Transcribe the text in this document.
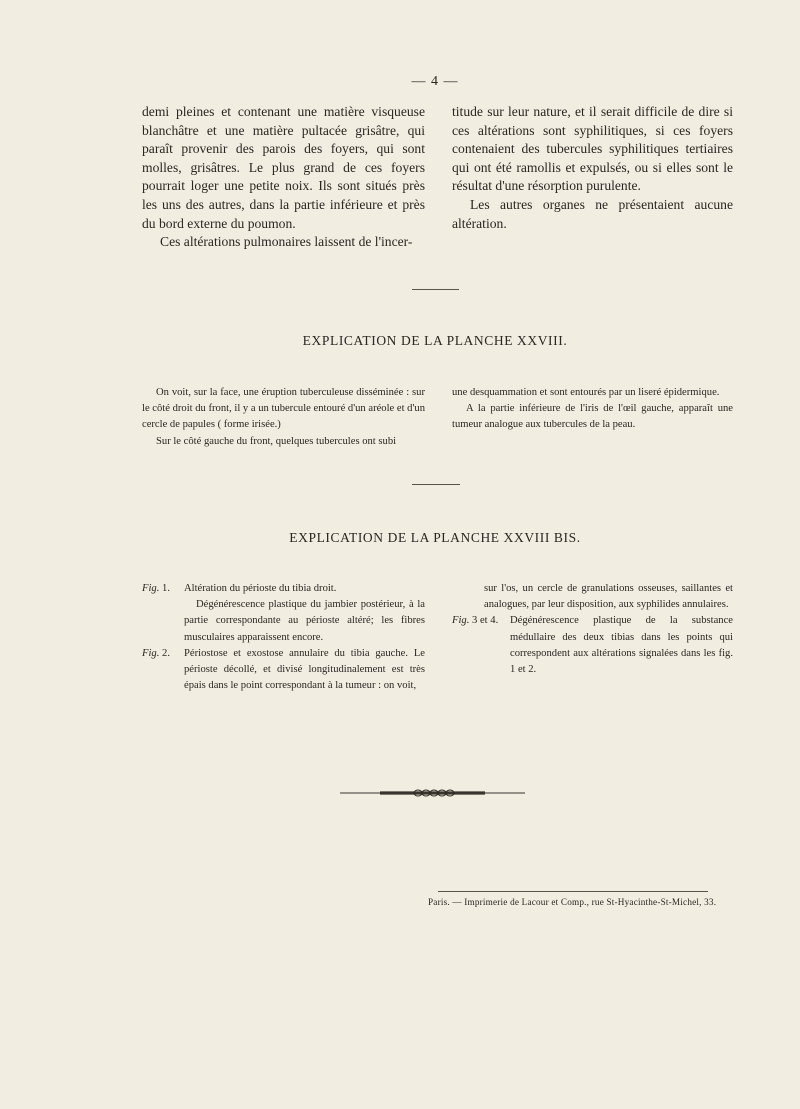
— 4 —

demi pleines et contenant une matière visqueuse blanchâtre et une matière pultacée grisâtre, qui paraît provenir des parois des foyers, qui sont molles, grisâtres. Le plus grand de ces foyers pourrait loger une petite noix. Ils sont situés près les uns des autres, dans la partie inférieure et près du bord externe du poumon.

Ces altérations pulmonaires laissent de l'incer-

titude sur leur nature, et il serait difficile de dire si ces altérations sont syphilitiques, si ces foyers contenaient des tubercules syphilitiques tertiaires qui ont été ramollis et expulsés, ou si elles sont le résultat d'une résorption purulente.

Les autres organes ne présentaient aucune altération.

EXPLICATION DE LA PLANCHE XXVIII.

On voit, sur la face, une éruption tuberculeuse disséminée : sur le côté droit du front, il y a un tubercule entouré d'un aréole et d'un cercle de papules ( forme irisée.)

Sur le côté gauche du front, quelques tubercules ont subi

une desquammation et sont entourés par un liseré épidermique.

A la partie inférieure de l'iris de l'œil gauche, apparaît une tumeur analogue aux tubercules de la peau.

EXPLICATION DE LA PLANCHE XXVIII BIS.
Fig. 1. Altération du périoste du tibia droit.

Dégénérescence plastique du jambier postérieur, à la partie correspondante au périoste altéré; les fibres musculaires apparaissent encore.

Fig. 2. Périostose et exostose annulaire du tibia gauche. Le périoste décollé, et divisé longitudinalement est très épais dans le point correspondant à la tumeur : on voit,

sur l'os, un cercle de granulations osseuses, saillantes et analogues, par leur disposition, aux syphilides annulaires.

Fig. 3 et 4. Dégénérescence plastique de la substance médullaire des deux tibias dans les points qui correspondent aux altérations signalées dans les fig. 1 et 2.

Paris. — Imprimerie de Lacour et Comp., rue St-Hyacinthe-St-Michel, 33.
